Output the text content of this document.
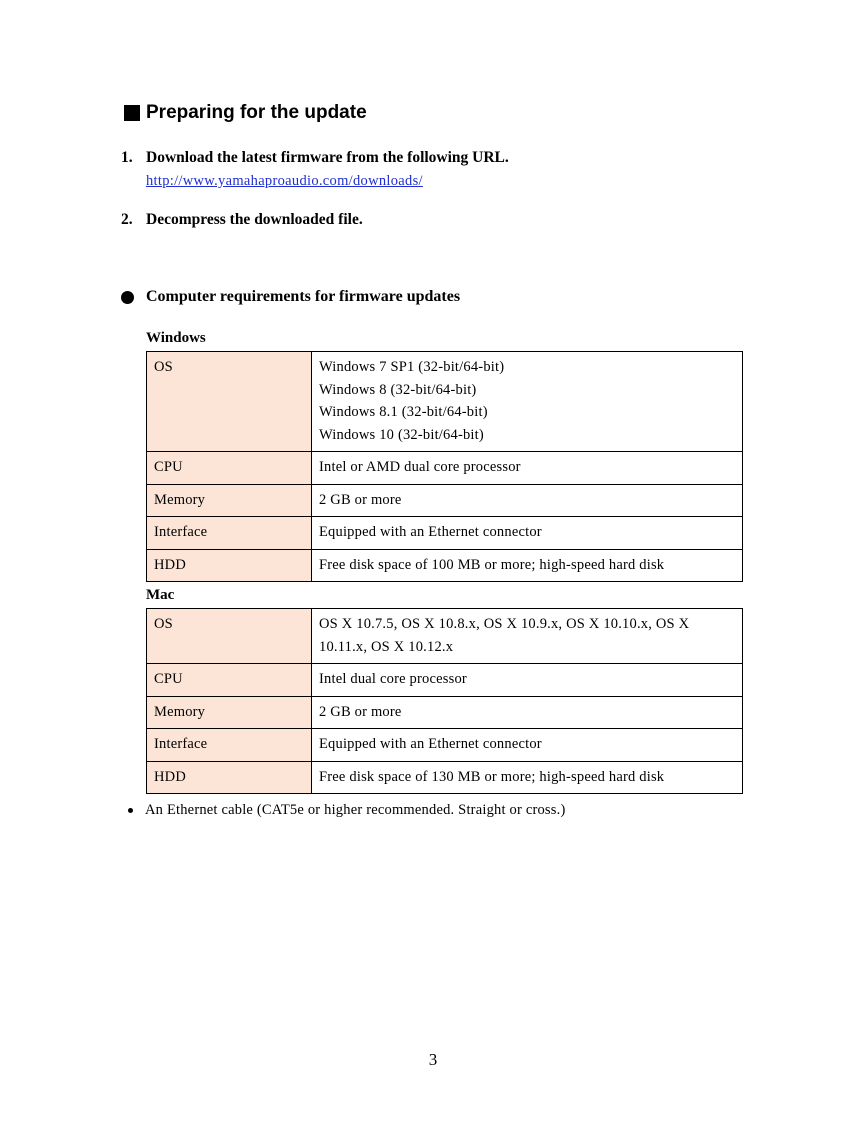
Preparing for the update
1. Download the latest firmware from the following URL.
http://www.yamahaproaudio.com/downloads/
2. Decompress the downloaded file.
Computer requirements for firmware updates
Windows
OS	Windows 7 SP1 (32-bit/64-bit)
Windows 8 (32-bit/64-bit)
Windows 8.1 (32-bit/64-bit)
Windows 10 (32-bit/64-bit)

CPU	Intel or AMD dual core processor
Memory	2 GB or more
Interface	Equipped with an Ethernet connector
HDD	Free disk space of 100 MB or more; high-speed hard disk
Mac
OS	OS X 10.7.5, OS X 10.8.x, OS X 10.9.x, OS X 10.10.x, OS X 10.11.x, OS X 10.12.x
CPU	Intel dual core processor
Memory	2 GB or more
Interface	Equipped with an Ethernet connector
HDD	Free disk space of 130 MB or more; high-speed hard disk
An Ethernet cable (CAT5e or higher recommended. Straight or cross.)
3
